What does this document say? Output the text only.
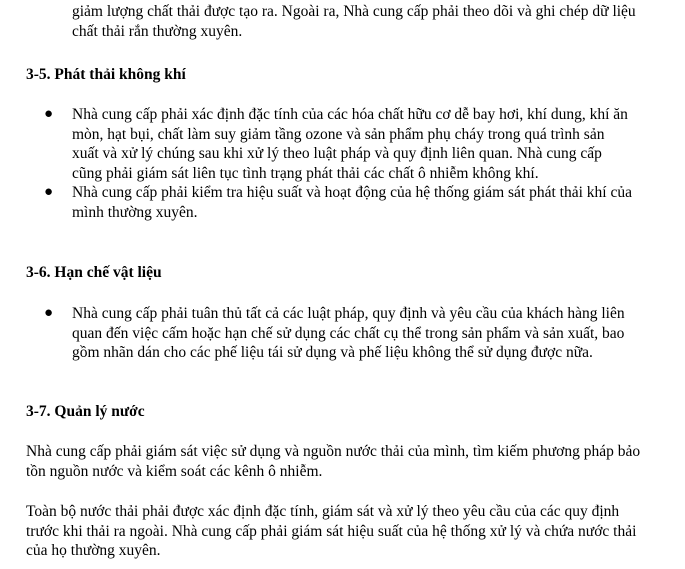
giảm lượng chất thải được tạo ra. Ngoài ra, Nhà cung cấp phải theo dõi và ghi chép dữ liệu chất thải rắn thường xuyên.

3-5. Phát thải không khí
● Nhà cung cấp phải xác định đặc tính của các hóa chất hữu cơ dễ bay hơi, khí dung, khí ăn mòn, hạt bụi, chất làm suy giảm tầng ozone và sản phẩm phụ cháy trong quá trình sản xuất và xử lý chúng sau khi xử lý theo luật pháp và quy định liên quan. Nhà cung cấp cũng phải giám sát liên tục tình trạng phát thải các chất ô nhiễm không khí.
● Nhà cung cấp phải kiểm tra hiệu suất và hoạt động của hệ thống giám sát phát thải khí của mình thường xuyên.
3-6. Hạn chế vật liệu
● Nhà cung cấp phải tuân thủ tất cả các luật pháp, quy định và yêu cầu của khách hàng liên quan đến việc cấm hoặc hạn chế sử dụng các chất cụ thể trong sản phẩm và sản xuất, bao gồm nhãn dán cho các phế liệu tái sử dụng và phế liệu không thể sử dụng được nữa.
3-7. Quản lý nước

Nhà cung cấp phải giám sát việc sử dụng và nguồn nước thải của mình, tìm kiếm phương pháp bảo tồn nguồn nước và kiểm soát các kênh ô nhiễm.

Toàn bộ nước thải phải được xác định đặc tính, giám sát và xử lý theo yêu cầu của các quy định trước khi thải ra ngoài. Nhà cung cấp phải giám sát hiệu suất của hệ thống xử lý và chứa nước thải của họ thường xuyên.
